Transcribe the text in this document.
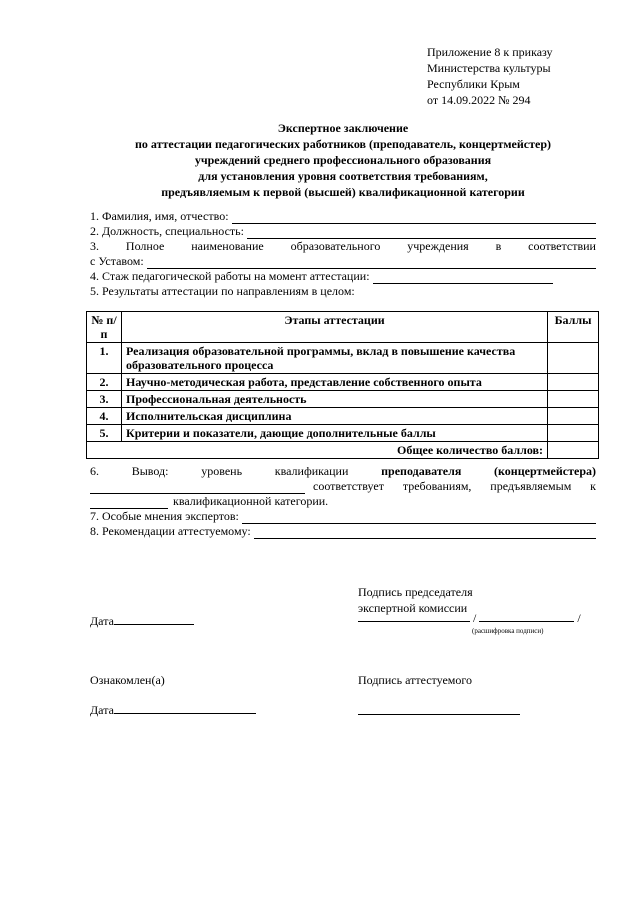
Приложение 8 к приказу
Министерства культуры
Республики Крым
от 14.09.2022 № 294
Экспертное заключение
по аттестации педагогических работников (преподаватель, концертмейстер)
учреждений среднего профессионального образования
для установления уровня соответствия требованиям,
предъявляемым к первой (высшей) квалификационной категории
1. Фамилия, имя, отчество:
2. Должность, специальность:
3. Полное наименование образовательного учреждения в соответствии
с Уставом:
4. Стаж педагогической работы на момент аттестации:
5. Результаты аттестации по направлениям в целом:
№ п/п	Этапы аттестации	Баллы
1.	Реализация образовательной программы, вклад в повышение качества образовательного процесса	
2.	Научно-методическая работа, представление собственного опыта	
3.	Профессиональная деятельность	
4.	Исполнительская дисциплина	
5.	Критерии и показатели, дающие дополнительные баллы	
Общее количество баллов:		
6.	Вывод:	уровень	квалификации	преподавателя	(концертмейстера)
соответствует требованиям, предъявляемым к
квалификационной категории.
7. Особые мнения экспертов:
8. Рекомендации аттестуемому:
Подпись председателя
экспертной комиссии
Дата	/	/
(расшифровка подписи)
Ознакомлен(а)	Подпись аттестуемого
Дата
